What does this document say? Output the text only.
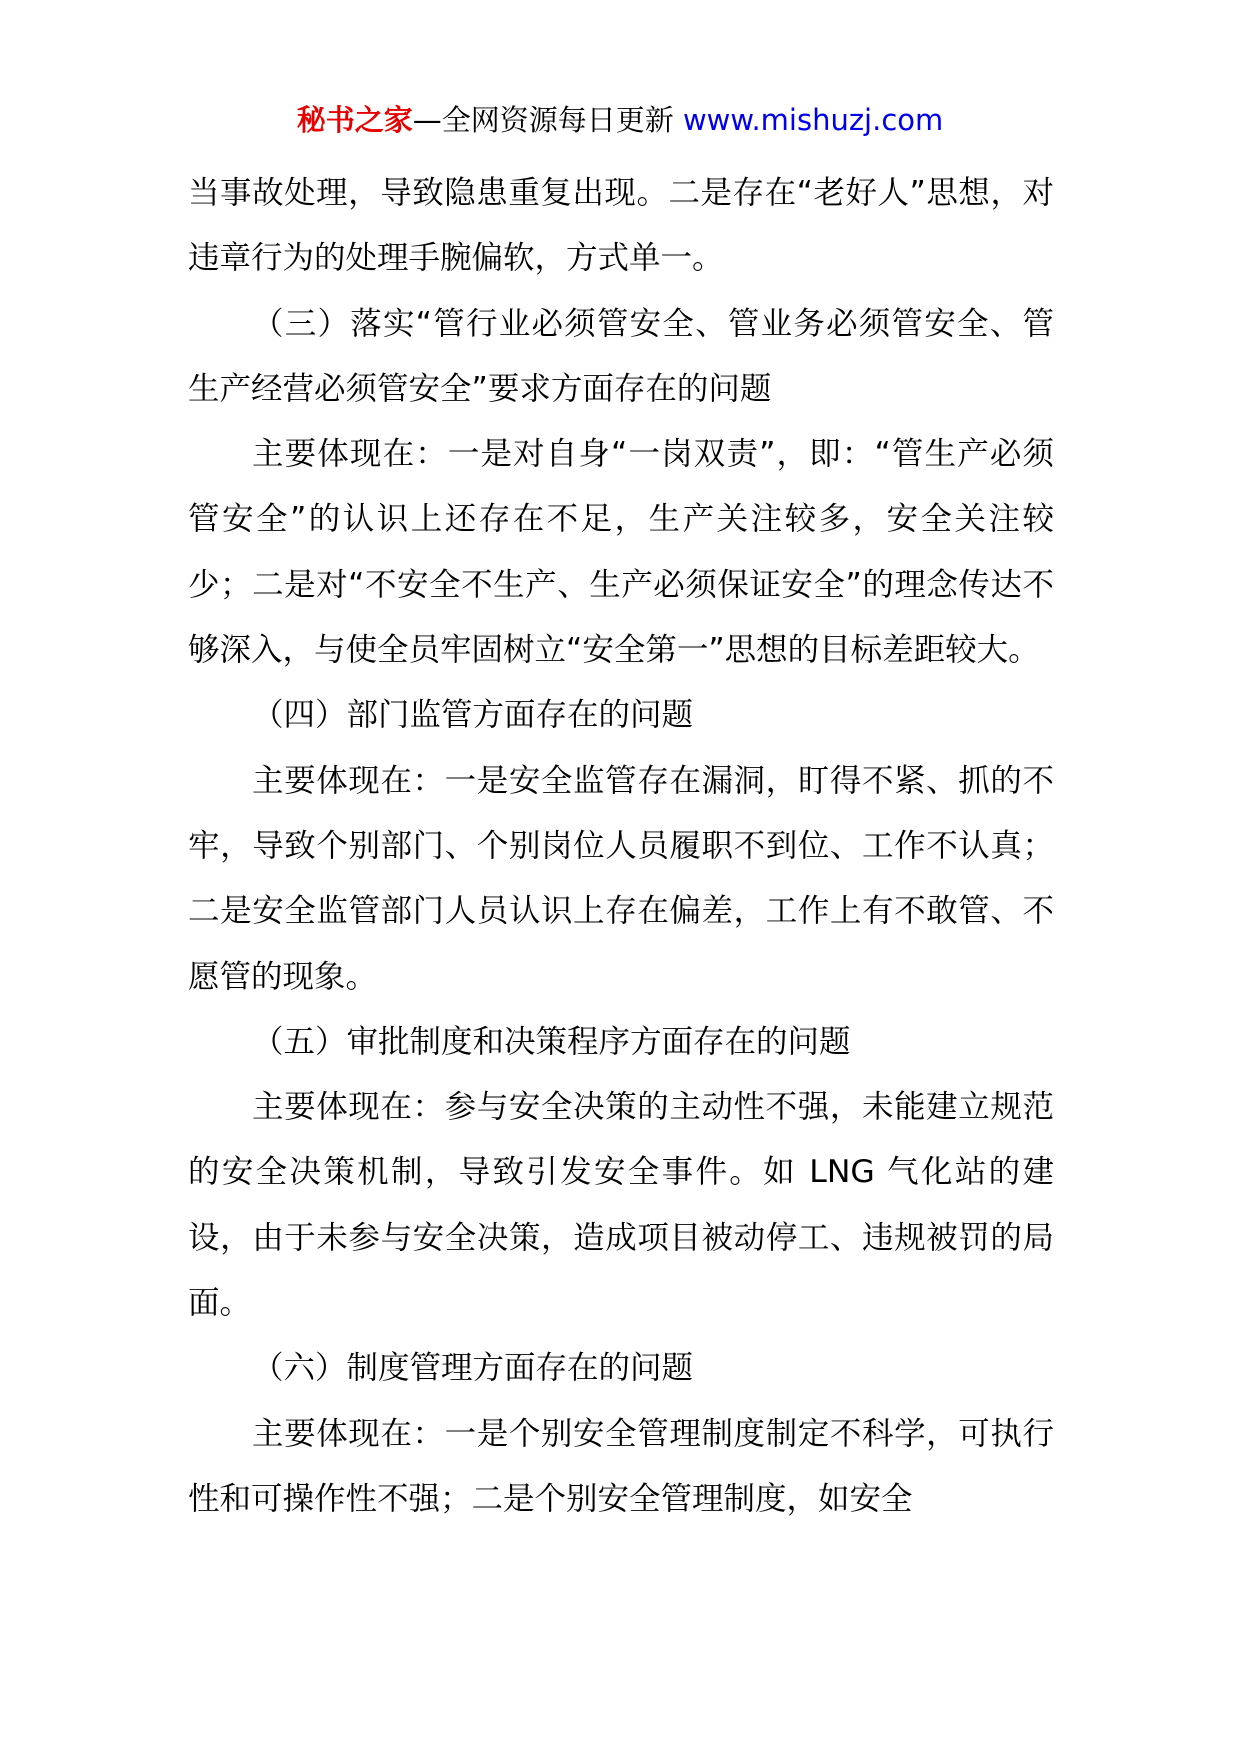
秘书之家—全网资源每日更新 www.mishuzj.com

当事故处理，导致隐患重复出现。二是存在“老好人”思想，对违章行为的处理手腕偏软，方式单一。

（三）落实“管行业必须管安全、管业务必须管安全、管生产经营必须管安全”要求方面存在的问题

主要体现在：一是对自身“一岗双责”，即：“管生产必须管安全”的认识上还存在不足，生产关注较多，安全关注较少；二是对“不安全不生产、生产必须保证安全”的理念传达不够深入，与使全员牢固树立“安全第一”思想的目标差距较大。

（四）部门监管方面存在的问题

主要体现在：一是安全监管存在漏洞，盯得不紧、抓的不牢，导致个别部门、个别岗位人员履职不到位、工作不认真；二是安全监管部门人员认识上存在偏差，工作上有不敢管、不愿管的现象。

（五）审批制度和决策程序方面存在的问题

主要体现在：参与安全决策的主动性不强，未能建立规范的安全决策机制，导致引发安全事件。如 LNG 气化站的建设，由于未参与安全决策，造成项目被动停工、违规被罚的局面。

（六）制度管理方面存在的问题

主要体现在：一是个别安全管理制度制定不科学，可执行性和可操作性不强；二是个别安全管理制度，如安全
